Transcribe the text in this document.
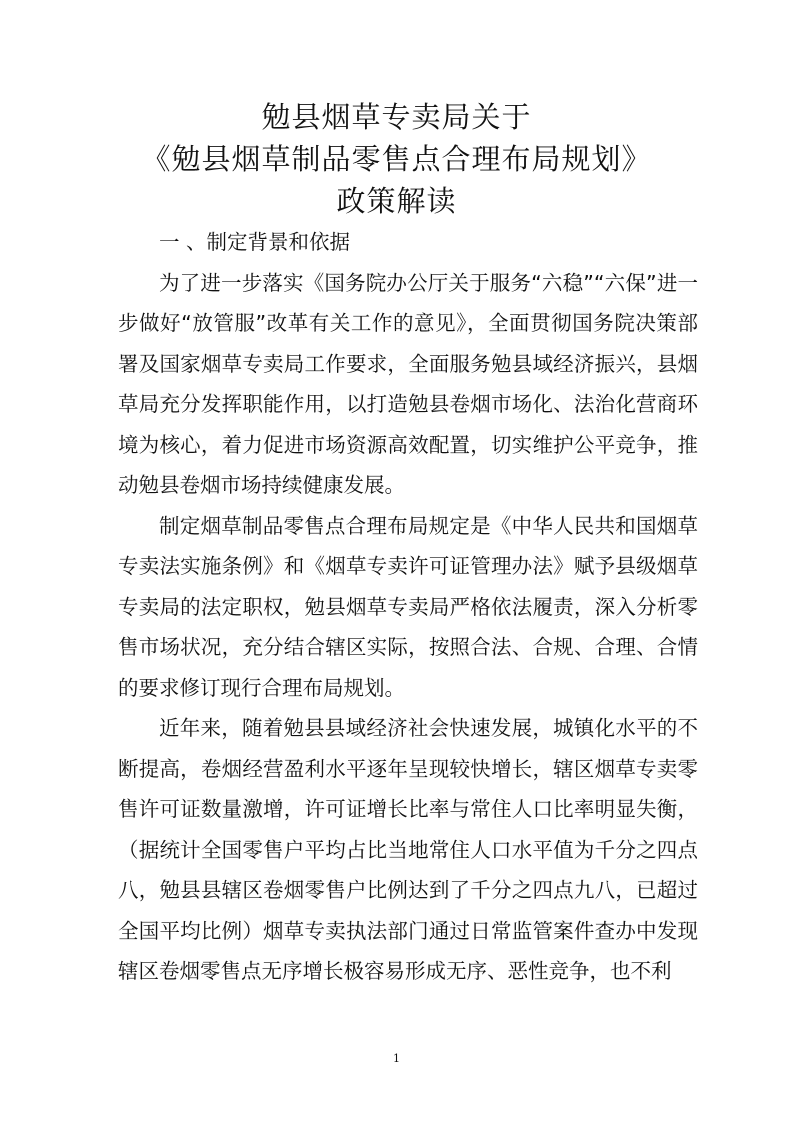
勉县烟草专卖局关于
《勉县烟草制品零售点合理布局规划》
政策解读

一 、制定背景和依据

为了进一步落实《国务院办公厅关于服务“六稳”“六保”进一步做好“放管服”改革有关工作的意见》，全面贯彻国务院决策部署及国家烟草专卖局工作要求，全面服务勉县域经济振兴，县烟草局充分发挥职能作用，以打造勉县卷烟市场化、法治化营商环境为核心，着力促进市场资源高效配置，切实维护公平竞争，推动勉县卷烟市场持续健康发展。

制定烟草制品零售点合理布局规定是《中华人民共和国烟草专卖法实施条例》和《烟草专卖许可证管理办法》赋予县级烟草专卖局的法定职权，勉县烟草专卖局严格依法履责，深入分析零售市场状况，充分结合辖区实际，按照合法、合规、合理、合情的要求修订现行合理布局规划。

近年来，随着勉县县域经济社会快速发展，城镇化水平的不断提高，卷烟经营盈利水平逐年呈现较快增长，辖区烟草专卖零售许可证数量激增，许可证增长比率与常住人口比率明显失衡，（据统计全国零售户平均占比当地常住人口水平值为千分之四点八，勉县县辖区卷烟零售户比例达到了千分之四点九八，已超过全国平均比例）烟草专卖执法部门通过日常监管案件查办中发现辖区卷烟零售点无序增长极容易形成无序、恶性竞争，也不利

1
